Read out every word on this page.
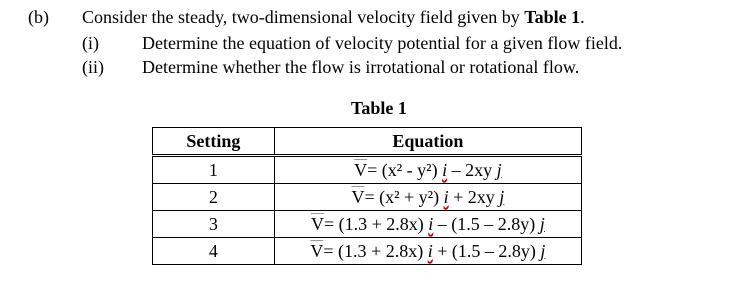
(b) Consider the steady, two-dimensional velocity field given by Table 1.
(i) Determine the equation of velocity potential for a given flow field.
(ii) Determine whether the flow is irrotational or rotational flow.
Table 1
Setting	Equation
1	$\overline{V}= (x^2 - y^2)$ i – 2xy j
2	$\overline{V}= (x^2 + y^2) i + 2xy$ j
3	$\overline{V}= (1.3 + 2.8x)$ i – (1.5 – 2.8y) j
4	$\overline{V}= (1.3 + 2.8x) i + (1.5 - 2.8y)$ j
